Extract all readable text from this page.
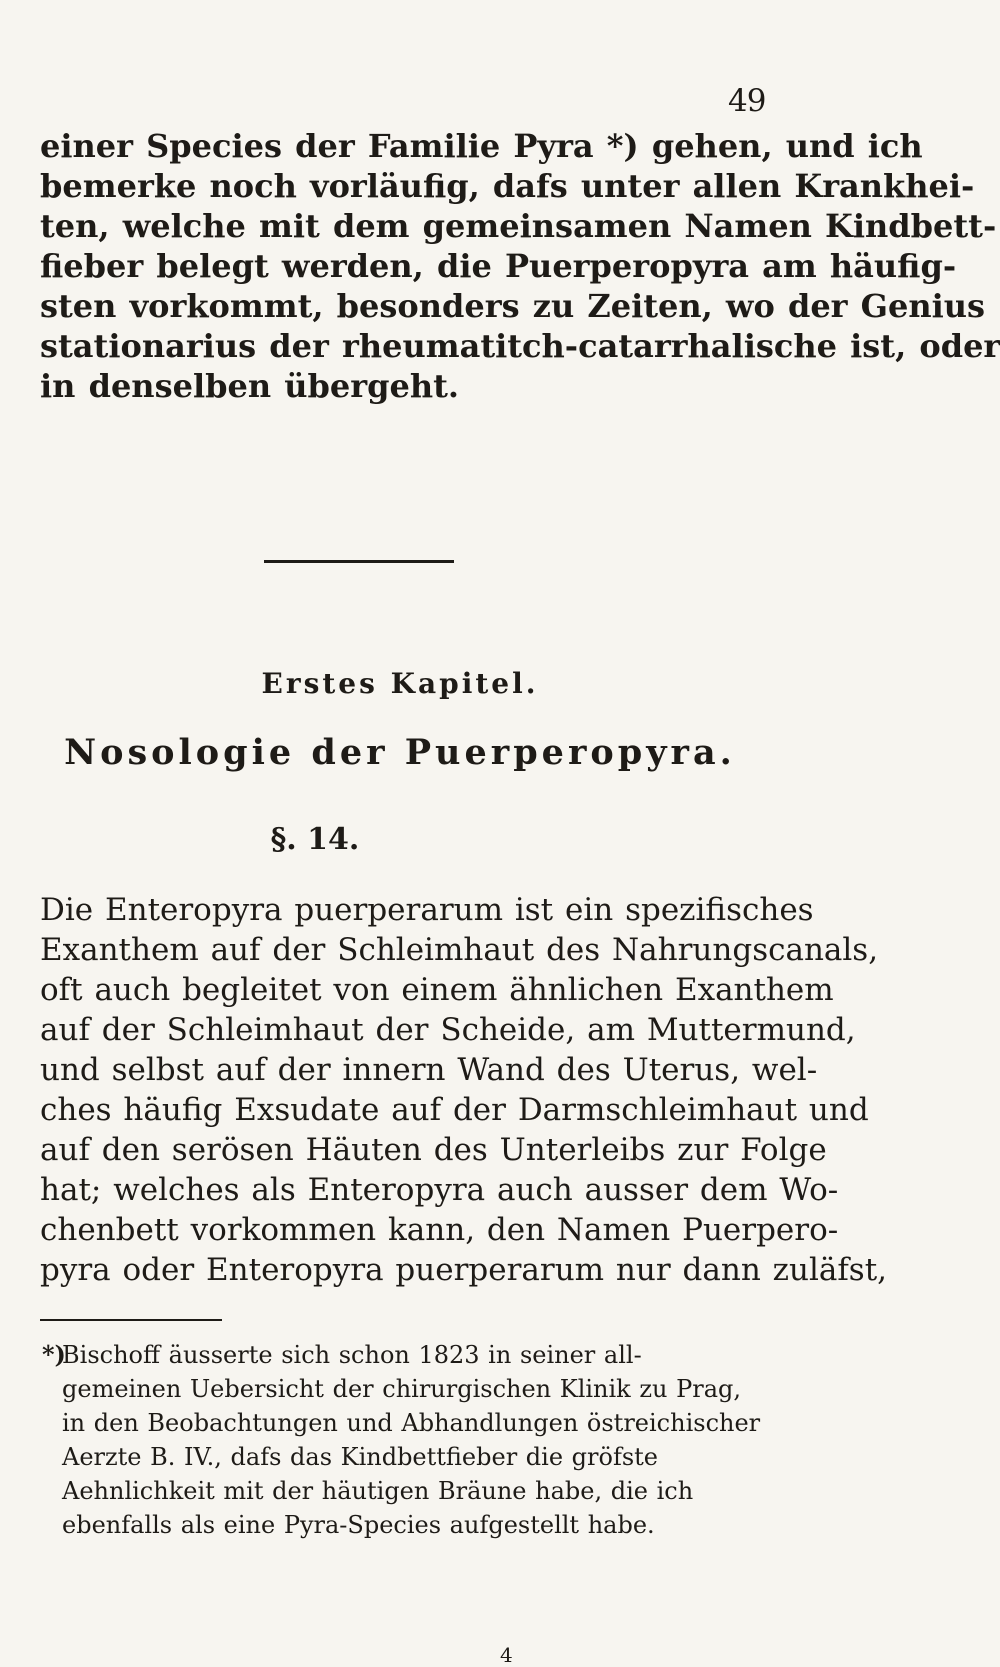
49
einer Species der Familie Pyra *) gehen, und ich
bemerke noch vorläufig, dafs unter allen Krankhei-
ten, welche mit dem gemeinsamen Namen Kindbett-
fieber belegt werden, die Puerperopyra am häufig-
sten vorkommt, besonders zu Zeiten, wo der Genius
stationarius der rheumatitch-catarrhalische ist, oder
in denselben übergeht.
Erstes Kapitel.
Nosologie der Puerperopyra.
§. 14.
Die Enteropyra puerperarum ist ein spezifisches
Exanthem auf der Schleimhaut des Nahrungscanals,
oft auch begleitet von einem ähnlichen Exanthem
auf der Schleimhaut der Scheide, am Muttermund,
und selbst auf der innern Wand des Uterus, wel-
ches häufig Exsudate auf der Darmschleimhaut und
auf den serösen Häuten des Unterleibs zur Folge
hat; welches als Enteropyra auch ausser dem Wo-
chenbett vorkommen kann, den Namen Puerpero-
pyra oder Enteropyra puerperarum nur dann zuläfst,
*)
Bischoff äusserte sich schon 1823 in seiner all-
gemeinen Uebersicht der chirurgischen Klinik zu Prag,
in den Beobachtungen und Abhandlungen östreichischer
Aerzte B. IV., dafs das Kindbettfieber die gröfste
Aehnlichkeit mit der häutigen Bräune habe, die ich
ebenfalls als eine Pyra-Species aufgestellt habe.
4
